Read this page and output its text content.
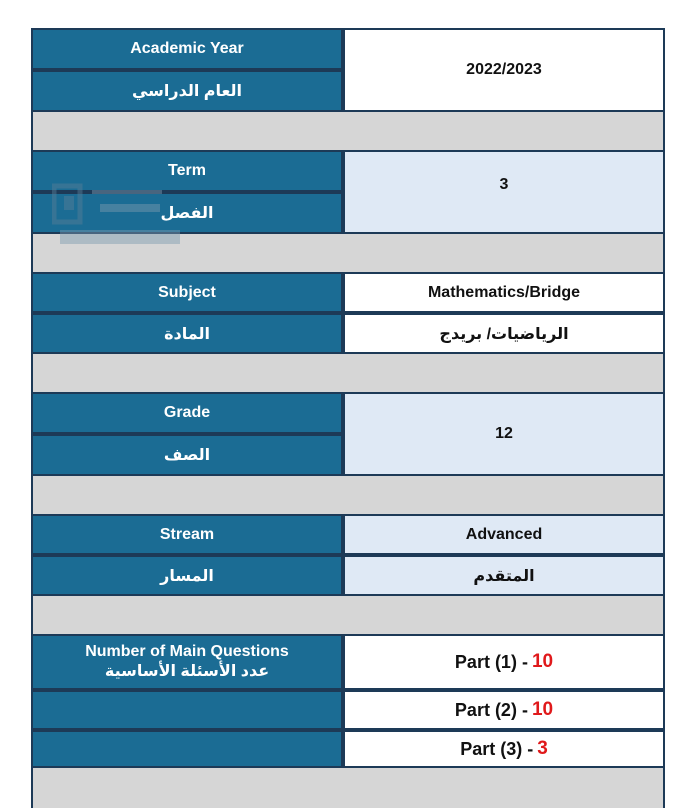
Academic Year
العام الدراسي
2022/2023
Term
الفصل
3
Subject
المادة
Mathematics/Bridge
الرياضيات/ بريدج
Grade
الصف
12
Stream
المسار
Advanced
المتقدم
Number of Main Questions
عدد الأسئلة الأساسية	Part (1) - 10
Part (2) - 10
Part (3) - 3
